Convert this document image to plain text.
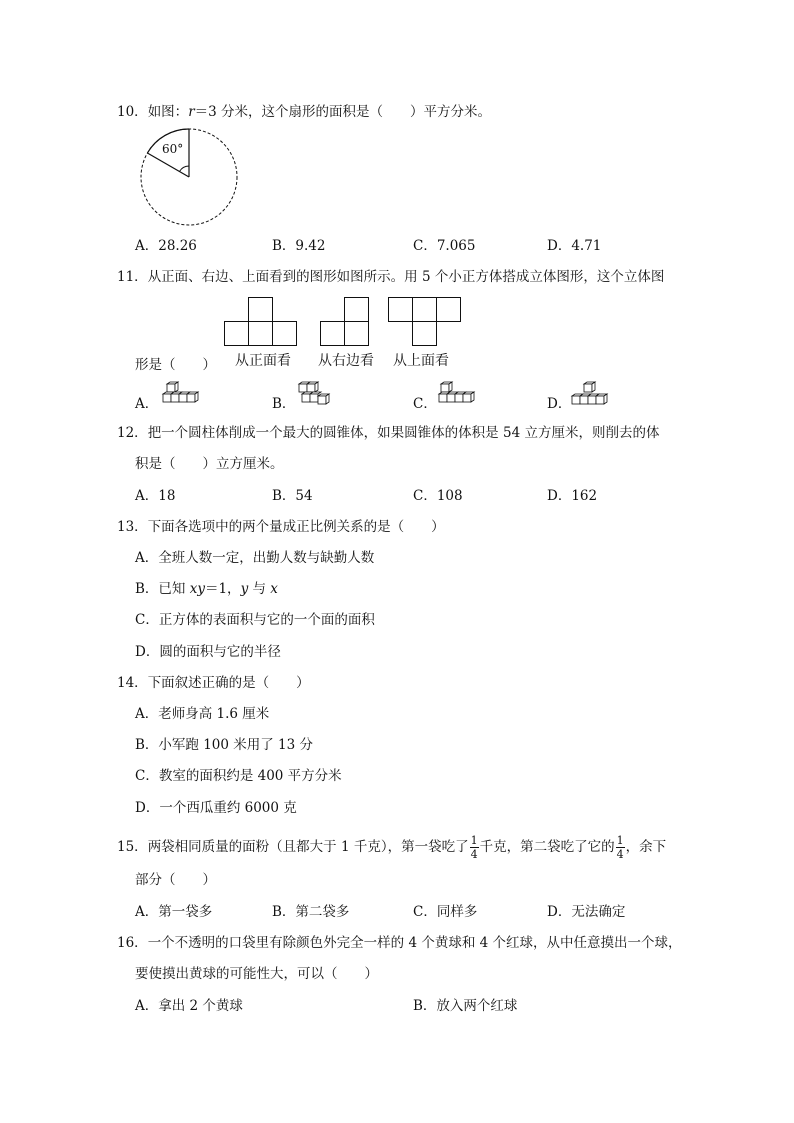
10．如图：r＝3 分米，这个扇形的面积是（　　）平方分米。
60°
A．28.26	B．9.42	C．7.065	D．4.71
11．从正面、右边、上面看到的图形如图所示。用 5 个小正方体搭成立体图形，这个立体图
从正面看 从右边看 从上面看
形是（　　）
A．	B．	C．	D．
12．把一个圆柱体削成一个最大的圆锥体，如果圆锥体的体积是 54 立方厘米，则削去的体
积是（　　）立方厘米。
A．18	B．54	C．108	D．162
13．下面各选项中的两个量成正比例关系的是（　　）
A．全班人数一定，出勤人数与缺勤人数
B．已知 xy＝1，y 与 x
C．正方体的表面积与它的一个面的面积
D．圆的面积与它的半径
14．下面叙述正确的是（　　）
A．老师身高 1.6 厘米
B．小军跑 100 米用了 13 分
C．教室的面积约是 400 平方分米
D．一个西瓜重约 6000 克
15．两袋相同质量的面粉（且都大于 1 千克），第一袋吃了 $\frac{1}{4}$ 千克，第二袋吃了它的 $\frac{1}{4}$ ，余下
部分（　　）
A．第一袋多	B．第二袋多	C．同样多	D．无法确定
16．一个不透明的口袋里有除颜色外完全一样的 4 个黄球和 4 个红球，从中任意摸出一个球，
要使摸出黄球的可能性大，可以（　　）
A．拿出 2 个黄球	B．放入两个红球
